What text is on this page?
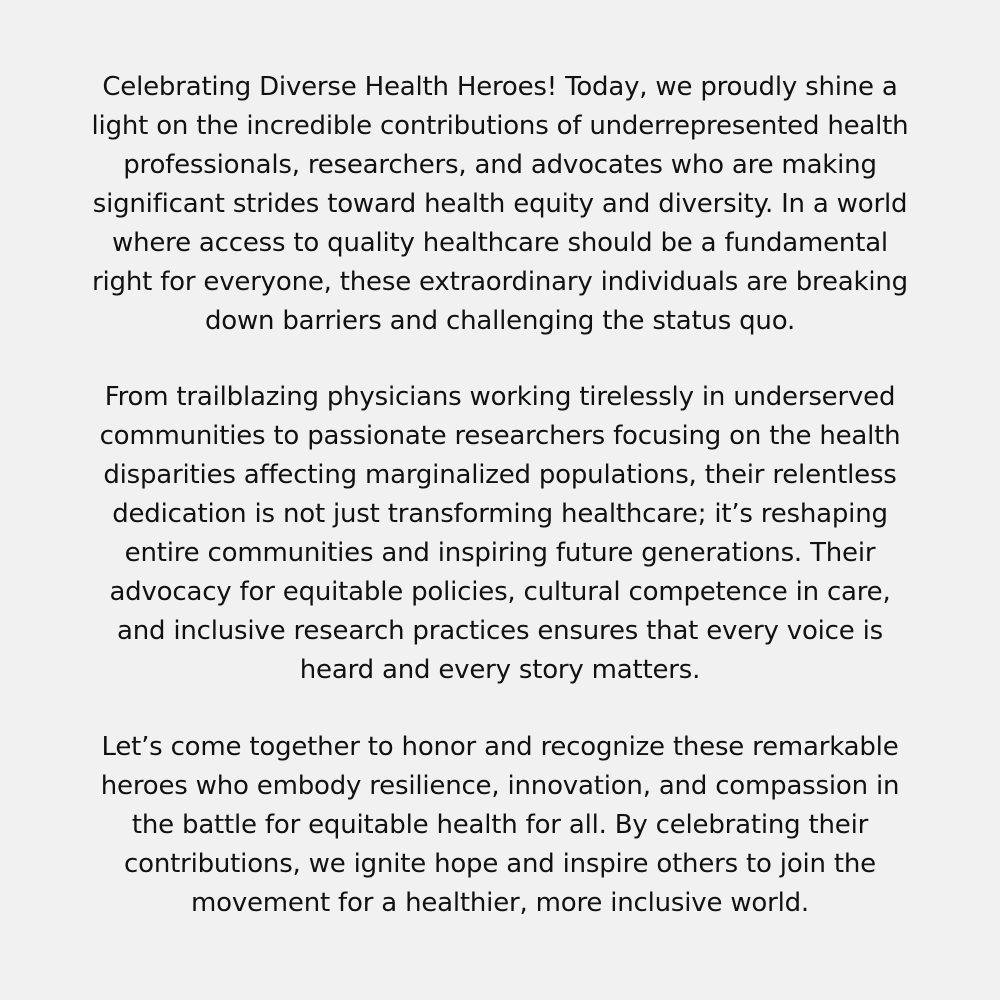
Celebrating Diverse Health Heroes! Today, we proudly shine a
light on the incredible contributions of underrepresented health
professionals, researchers, and advocates who are making
significant strides toward health equity and diversity. In a world
where access to quality healthcare should be a fundamental
right for everyone, these extraordinary individuals are breaking
down barriers and challenging the status quo.

From trailblazing physicians working tirelessly in underserved
communities to passionate researchers focusing on the health
disparities affecting marginalized populations, their relentless
dedication is not just transforming healthcare; it’s reshaping
entire communities and inspiring future generations. Their
advocacy for equitable policies, cultural competence in care,
and inclusive research practices ensures that every voice is
heard and every story matters.

Let’s come together to honor and recognize these remarkable
heroes who embody resilience, innovation, and compassion in
the battle for equitable health for all. By celebrating their
contributions, we ignite hope and inspire others to join the
movement for a healthier, more inclusive world.
